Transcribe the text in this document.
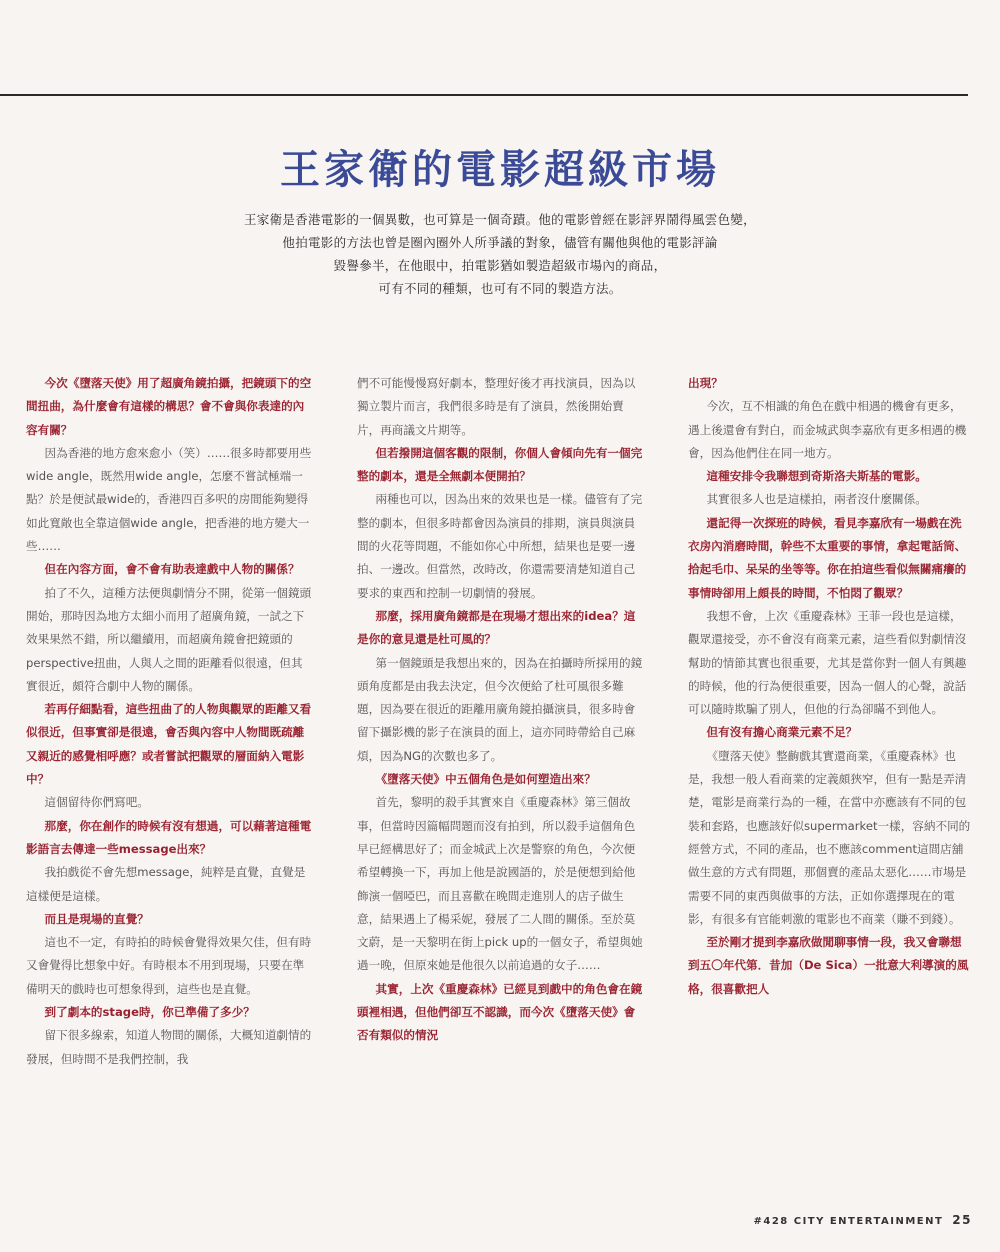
王家衛的電影超級市場
王家衛是香港電影的一個異數，也可算是一個奇蹟。他的電影曾經在影評界鬧得風雲色變，
他拍電影的方法也曾是圈內圈外人所爭議的對象，儘管有關他與他的電影評論
毀譽參半，在他眼中，拍電影猶如製造超級市場內的商品，
可有不同的種類，也可有不同的製造方法。

今次《墮落天使》用了超廣角鏡拍攝，把鏡頭下的空間扭曲，為什麼會有這樣的構思？會不會與你表達的內容有關？

因為香港的地方愈來愈小（笑）……很多時都要用些wide angle，既然用wide angle，怎麼不嘗試極端一點？於是便試最wide的，香港四百多呎的房間能夠變得如此寬敞也全靠這個wide angle，把香港的地方變大一些……

但在內容方面，會不會有助表達戲中人物的關係？

拍了不久，這種方法便與劇情分不開，從第一個鏡頭開始，那時因為地方太細小而用了超廣角鏡，一試之下效果果然不錯，所以繼續用，而超廣角鏡會把鏡頭的perspective扭曲，人與人之間的距離看似很遠，但其實很近，頗符合劇中人物的關係。

若再仔細點看，這些扭曲了的人物與觀眾的距離又看似很近，但事實卻是很遠，會否與內容中人物間既疏離又親近的感覺相呼應？或者嘗試把觀眾的層面納入電影中？

這個留待你們寫吧。

那麼，你在創作的時候有沒有想過，可以藉著這種電影語言去傳達一些message出來？

我拍戲從不會先想message，純粹是直覺，直覺是這樣便是這樣。

而且是現場的直覺？

這也不一定，有時拍的時候會覺得效果欠佳，但有時又會覺得比想象中好。有時根本不用到現場，只要在準備明天的戲時也可想象得到，這些也是直覺。

到了劇本的stage時，你已準備了多少？

留下很多線索，知道人物間的關係，大概知道劇情的發展，但時間不是我們控制，我

們不可能慢慢寫好劇本，整理好後才再找演員，因為以獨立製片而言，我們很多時是有了演員，然後開始賣片，再商議文片期等。

但若撥開這個客觀的限制，你個人會傾向先有一個完整的劇本，還是全無劇本便開拍？

兩種也可以，因為出來的效果也是一樣。儘管有了完整的劇本，但很多時都會因為演員的排期，演員與演員間的火花等問題，不能如你心中所想，結果也是要一邊拍、一邊改。但當然，改時改，你還需要清楚知道自己要求的東西和控制一切劇情的發展。

那麼，採用廣角鏡都是在現場才想出來的idea？這是你的意見還是杜可風的？

第一個鏡頭是我想出來的，因為在拍攝時所採用的鏡頭角度都是由我去決定，但今次便給了杜可風很多難題，因為要在很近的距離用廣角鏡拍攝演員，很多時會留下攝影機的影子在演員的面上，這亦同時帶給自己麻煩，因為NG的次數也多了。

《墮落天使》中五個角色是如何塑造出來？

首先，黎明的殺手其實來自《重慶森林》第三個故事，但當時因篇幅問題而沒有拍到，所以殺手這個角色早已經構思好了；而金城武上次是警察的角色，今次便希望轉換一下，再加上他是說國語的，於是便想到給他飾演一個啞巴，而且喜歡在晚間走進別人的店子做生意，結果遇上了楊采妮，發展了二人間的關係。至於莫文蔚，是一天黎明在街上pick up的一個女子，希望與她過一晚，但原來她是他很久以前追過的女子……

其實，上次《重慶森林》已經見到戲中的角色會在鏡頭裡相遇，但他們卻互不認識，而今次《墮落天使》會否有類似的情況

出現？

今次，互不相識的角色在戲中相遇的機會有更多，遇上後還會有對白，而金城武與李嘉欣有更多相遇的機會，因為他們住在同一地方。

這種安排令我聯想到奇斯洛夫斯基的電影。

其實很多人也是這樣拍，兩者沒什麼關係。

還記得一次探班的時候，看見李嘉欣有一場戲在洗衣房內消磨時間，幹些不太重要的事情，拿起電話筒、拾起毛巾、呆呆的坐等等。你在拍這些看似無關痛癢的事情時卻用上頗長的時間，不怕悶了觀眾？

我想不會，上次《重慶森林》王菲一段也是這樣，觀眾還接受，亦不會沒有商業元素，這些看似對劇情沒幫助的情節其實也很重要，尤其是當你對一個人有興趣的時候，他的行為便很重要，因為一個人的心聲，說話可以隨時欺騙了別人，但他的行為卻瞞不到他人。

但有沒有擔心商業元素不足？

《墮落天使》整齣戲其實還商業，《重慶森林》也是，我想一般人看商業的定義頗狹窄，但有一點是弄清楚，電影是商業行為的一種，在當中亦應該有不同的包裝和套路，也應該好似supermarket一樣，容納不同的經營方式，不同的產品，也不應該comment這間店舖做生意的方式有問題，那個賣的產品太惡化……市場是需要不同的東西與做事的方法，正如你選擇現在的電影，有很多有官能刺激的電影也不商業（賺不到錢）。

至於剛才提到李嘉欣做閒聊事情一段，我又會聯想到五〇年代第．昔加（De Sica）一批意大利導演的風格，很喜歡把人

#428 CITY ENTERTAINMENT 25
